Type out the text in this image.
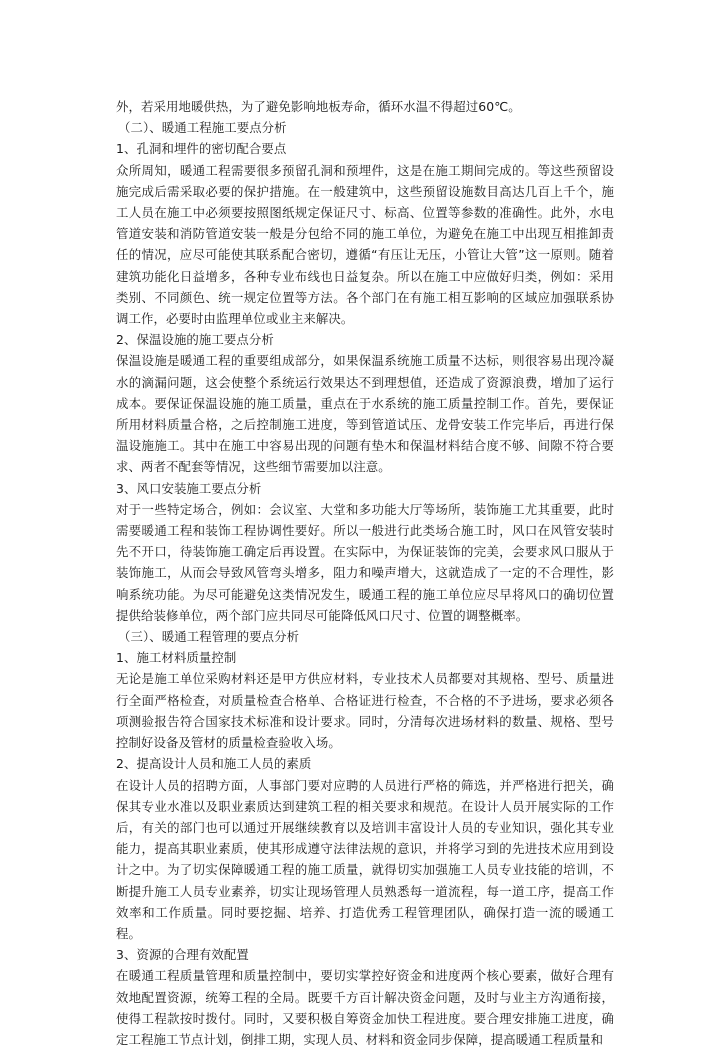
外，若采用地暖供热，为了避免影响地板寿命，循环水温不得超过60℃。

（二）、暖通工程施工要点分析

1、孔洞和埋件的密切配合要点

众所周知，暖通工程需要很多预留孔洞和预埋件，这是在施工期间完成的。等这些预留设施完成后需采取必要的保护措施。在一般建筑中，这些预留设施数目高达几百上千个，施工人员在施工中必须要按照图纸规定保证尺寸、标高、位置等参数的准确性。此外，水电管道安装和消防管道安装一般是分包给不同的施工单位，为避免在施工中出现互相推卸责任的情况，应尽可能使其联系配合密切，遵循“有压让无压，小管让大管”这一原则。随着建筑功能化日益增多，各种专业布线也日益复杂。所以在施工中应做好归类，例如：采用类别、不同颜色、统一规定位置等方法。各个部门在有施工相互影响的区域应加强联系协调工作，必要时由监理单位或业主来解决。

2、保温设施的施工要点分析

保温设施是暖通工程的重要组成部分，如果保温系统施工质量不达标，则很容易出现冷凝水的滴漏问题，这会使整个系统运行效果达不到理想值，还造成了资源浪费，增加了运行成本。要保证保温设施的施工质量，重点在于水系统的施工质量控制工作。首先，要保证所用材料质量合格，之后控制施工进度，等到管道试压、龙骨安装工作完毕后，再进行保温设施施工。其中在施工中容易出现的问题有垫木和保温材料结合度不够、间隙不符合要求、两者不配套等情况，这些细节需要加以注意。

3、风口安装施工要点分析

对于一些特定场合，例如：会议室、大堂和多功能大厅等场所，装饰施工尤其重要，此时需要暖通工程和装饰工程协调性要好。所以一般进行此类场合施工时，风口在风管安装时先不开口，待装饰施工确定后再设置。在实际中，为保证装饰的完美，会要求风口服从于装饰施工，从而会导致风管弯头增多，阻力和噪声增大，这就造成了一定的不合理性，影响系统功能。为尽可能避免这类情况发生，暖通工程的施工单位应尽早将风口的确切位置提供给装修单位，两个部门应共同尽可能降低风口尺寸、位置的调整概率。

（三）、暖通工程管理的要点分析

1、施工材料质量控制

无论是施工单位采购材料还是甲方供应材料，专业技术人员都要对其规格、型号、质量进行全面严格检查，对质量检查合格单、合格证进行检查，不合格的不予进场，要求必须各项测验报告符合国家技术标准和设计要求。同时，分清每次进场材料的数量、规格、型号控制好设备及管材的质量检查验收入场。

2、提高设计人员和施工人员的素质

在设计人员的招聘方面，人事部门要对应聘的人员进行严格的筛选，并严格进行把关，确保其专业水准以及职业素质达到建筑工程的相关要求和规范。在设计人员开展实际的工作后，有关的部门也可以通过开展继续教育以及培训丰富设计人员的专业知识，强化其专业能力，提高其职业素质，使其形成遵守法律法规的意识，并将学习到的先进技术应用到设计之中。为了切实保障暖通工程的施工质量，就得切实加强施工人员专业技能的培训，不断提升施工人员专业素养，切实让现场管理人员熟悉每一道流程，每一道工序，提高工作效率和工作质量。同时要挖掘、培养、打造优秀工程管理团队，确保打造一流的暖通工程。

3、资源的合理有效配置

在暖通工程质量管理和质量控制中，要切实掌控好资金和进度两个核心要素，做好合理有效地配置资源，统筹工程的全局。既要千方百计解决资金问题，及时与业主方沟通衔接，使得工程款按时拨付。同时，又要积极自筹资金加快工程进度。要合理安排施工进度，确定工程施工节点计划，倒排工期，实现人员、材料和资金同步保障，提高暖通工程质量和
